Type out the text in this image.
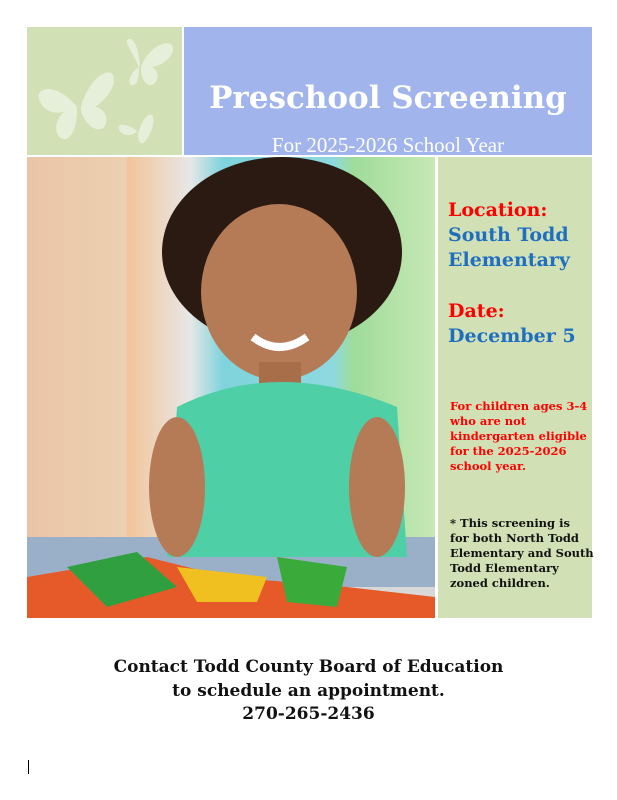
Preschool Screening
For 2025-2026 School Year
Location:
South Todd
Elementary
Date:
December 5
For children ages 3-4
who are not
kindergarten eligible
for the 2025-2026
school year.
* This screening is
for both North Todd
Elementary and South
Todd Elementary
zoned children.
Contact Todd County Board of Education
to schedule an appointment.
270-265-2436
